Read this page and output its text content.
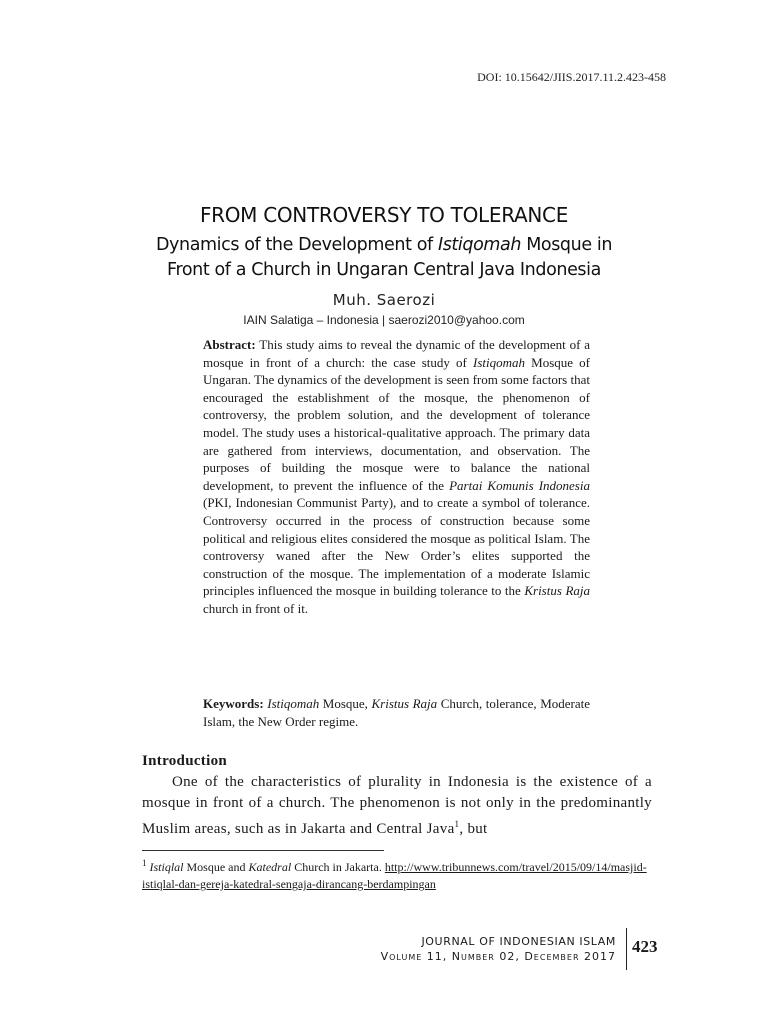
DOI: 10.15642/JIIS.2017.11.2.423-458
FROM CONTROVERSY TO TOLERANCE
Dynamics of the Development of Istiqomah Mosque in Front of a Church in Ungaran Central Java Indonesia
Muh. Saerozi
IAIN Salatiga – Indonesia | saerozi2010@yahoo.com
Abstract: This study aims to reveal the dynamic of the development of a mosque in front of a church: the case study of Istiqomah Mosque of Ungaran. The dynamics of the development is seen from some factors that encouraged the establishment of the mosque, the phenomenon of controversy, the problem solution, and the development of tolerance model. The study uses a historical-qualitative approach. The primary data are gathered from interviews, documentation, and observation. The purposes of building the mosque were to balance the national development, to prevent the influence of the Partai Komunis Indonesia (PKI, Indonesian Communist Party), and to create a symbol of tolerance. Controversy occurred in the process of construction because some political and religious elites considered the mosque as political Islam. The controversy waned after the New Order’s elites supported the construction of the mosque. The implementation of a moderate Islamic principles influenced the mosque in building tolerance to the Kristus Raja church in front of it.
Keywords: Istiqomah Mosque, Kristus Raja Church, tolerance, Moderate Islam, the New Order regime.
Introduction
One of the characteristics of plurality in Indonesia is the existence of a mosque in front of a church. The phenomenon is not only in the predominantly Muslim areas, such as in Jakarta and Central Java$^1$, but
$^1$ Istiqlal Mosque and Katedral Church in Jakarta. http://www.tribunnews.com/travel/2015/09/14/masjid-istiqlal-dan-gereja-katedral-sengaja-dirancang-berdampingan
JOURNAL OF INDONESIAN ISLAM
Volume 11, Number 02, December 2017
423
